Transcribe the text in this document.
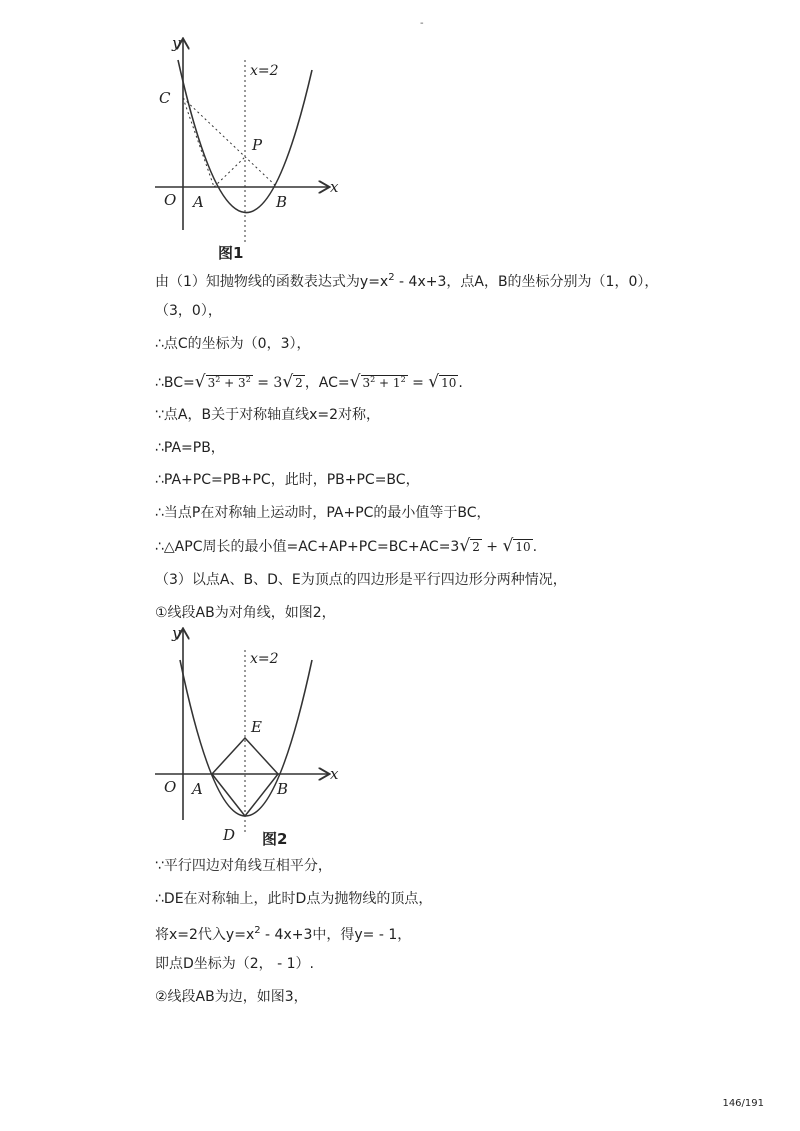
-
y
x
x=2
C
P
O A	B
图1
由（1）知抛物线的函数表达式为$y=x^2 - 4x+3$，点A，B的坐标分别为（1，0），
（3，0），
∴点C的坐标为（0，3），
∴BC=√ $3^2 + 3^2 = 3√$ 2 ，AC=√ $3^2 + 1^2$ = √ 10 .
∵点A，B关于对称轴直线x=2对称，
∴PA=PB，
∴PA+PC=PB+PC，此时，PB+PC=BC，
∴当点P在对称轴上运动时，PA+PC的最小值等于BC，
∴△APC周长的最小值=AC+AP+PC=BC+AC=3√ 2 + √ 10 .
（3）以点A、B、D、E为顶点的四边形是平行四边形分两种情况，
①线段AB为对角线，如图2，
y
x
x=2
E
O A	B
D 图2
∵平行四边对角线互相平分，
∴DE在对称轴上，此时D点为抛物线的顶点，
将x=2代入$y=x^2 - 4x+3$中，得y= - 1，
即点D坐标为（2， - 1）.
②线段AB为边，如图3，
146/191
